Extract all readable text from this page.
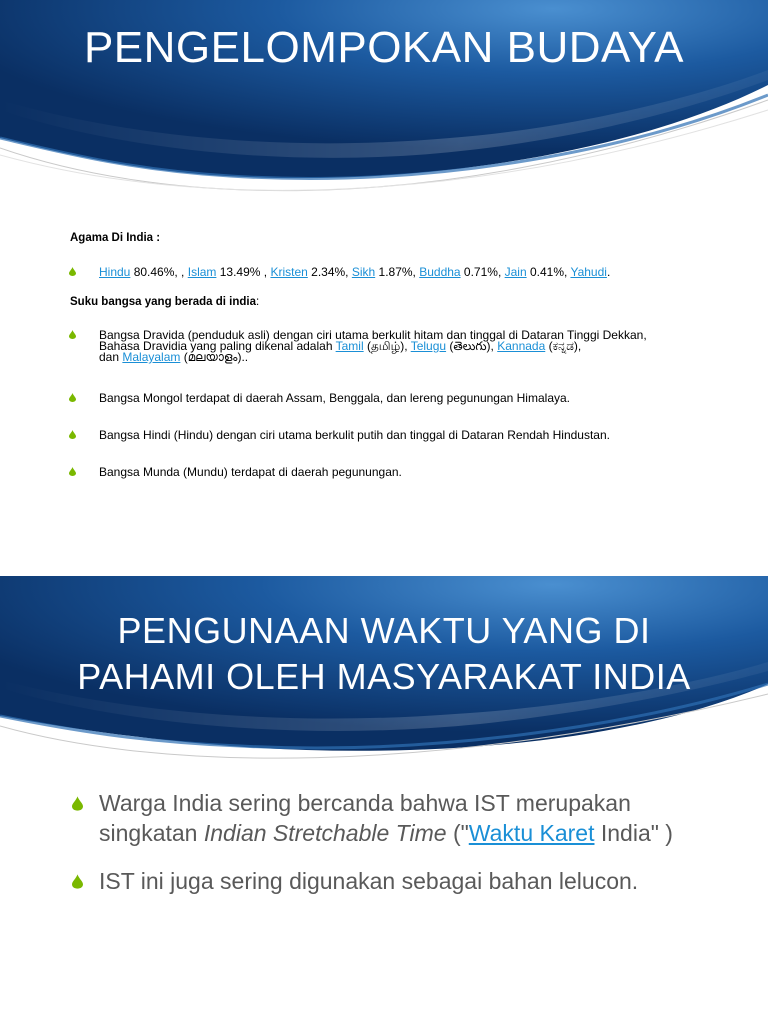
PENGELOMPOKAN BUDAYA

Agama Di India :

Hindu 80.46%, , Islam 13.49% , Kristen 2.34%, Sikh 1.87%, Buddha 0.71%, Jain 0.41%, Yahudi.

Suku bangsa yang berada di india:

Bangsa Dravida (penduduk asli) dengan ciri utama berkulit hitam dan tinggal di Dataran Tinggi Dekkan,
Bahasa Dravidia yang paling dikenal adalah Tamil (தமிழ்), Telugu (తెలుగు), Kannada (ಕನ್ನಡ),
dan Malayalam (മലയാളം)..
Bangsa Mongol terdapat di daerah Assam, Benggala, dan lereng pegunungan Himalaya.
Bangsa Hindi (Hindu) dengan ciri utama berkulit putih dan tinggal di Dataran Rendah Hindustan.
Bangsa Munda (Mundu) terdapat di daerah pegunungan.
PENGUNAAN WAKTU YANG DI
PAHAMI OLEH MASYARAKAT INDIA
Warga India sering bercanda bahwa IST merupakan singkatan Indian Stretchable Time ("Waktu Karet India" )
IST ini juga sering digunakan sebagai bahan lelucon.
